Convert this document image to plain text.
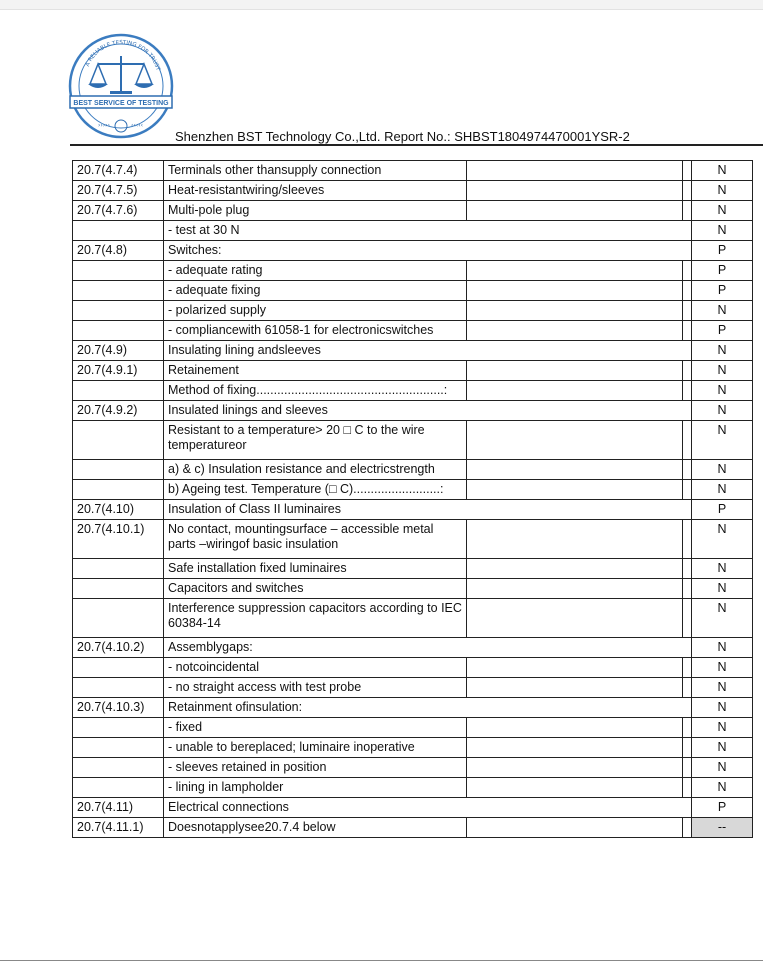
A RELIABLE TESTING FOR TRUST
BEST SERVICE OF TESTING
›››››	‹‹‹‹‹
Shenzhen BST Technology Co.,Ltd. Report No.: SHBST1804974470001YSR-2
20.7(4.7.4)	Terminals other thansupply connection			N
20.7(4.7.5)	Heat-resistantwiring/sleeves			N
20.7(4.7.6)	Multi-pole plug			N
	- test at 30 N			N
20.7(4.8)	Switches:			P
	- adequate rating			P
	- adequate fixing			P
	- polarized supply			N
	- compliancewith 61058-1 for electronicswitches			P
20.7(4.9)	Insulating lining andsleeves			N
20.7(4.9.1)	Retainement			N
	Method of fixing......................................................:			N
20.7(4.9.2)	Insulated linings and sleeves			N
	Resistant to a temperature> 20 □ C to the wire temperatureor			N
	a) & c) Insulation resistance and electricstrength			N
	b) Ageing test. Temperature (□ C).........................:			N
20.7(4.10)	Insulation of Class II luminaires			P
20.7(4.10.1)	No contact, mountingsurface – accessible metal parts –wiringof basic insulation			N
	Safe installation fixed luminaires			N
	Capacitors and switches			N
	Interference suppression capacitors according to IEC 60384-14			N
20.7(4.10.2)	Assemblygaps:			N
	- notcoincidental			N
	- no straight access with test probe			N
20.7(4.10.3)	Retainment ofinsulation:			N
	- fixed			N
	- unable to bereplaced; luminaire inoperative			N
	- sleeves retained in position			N
	- lining in lampholder			N
20.7(4.11)	Electrical connections			P
20.7(4.11.1)	Doesnotapplysee20.7.4 below			--
